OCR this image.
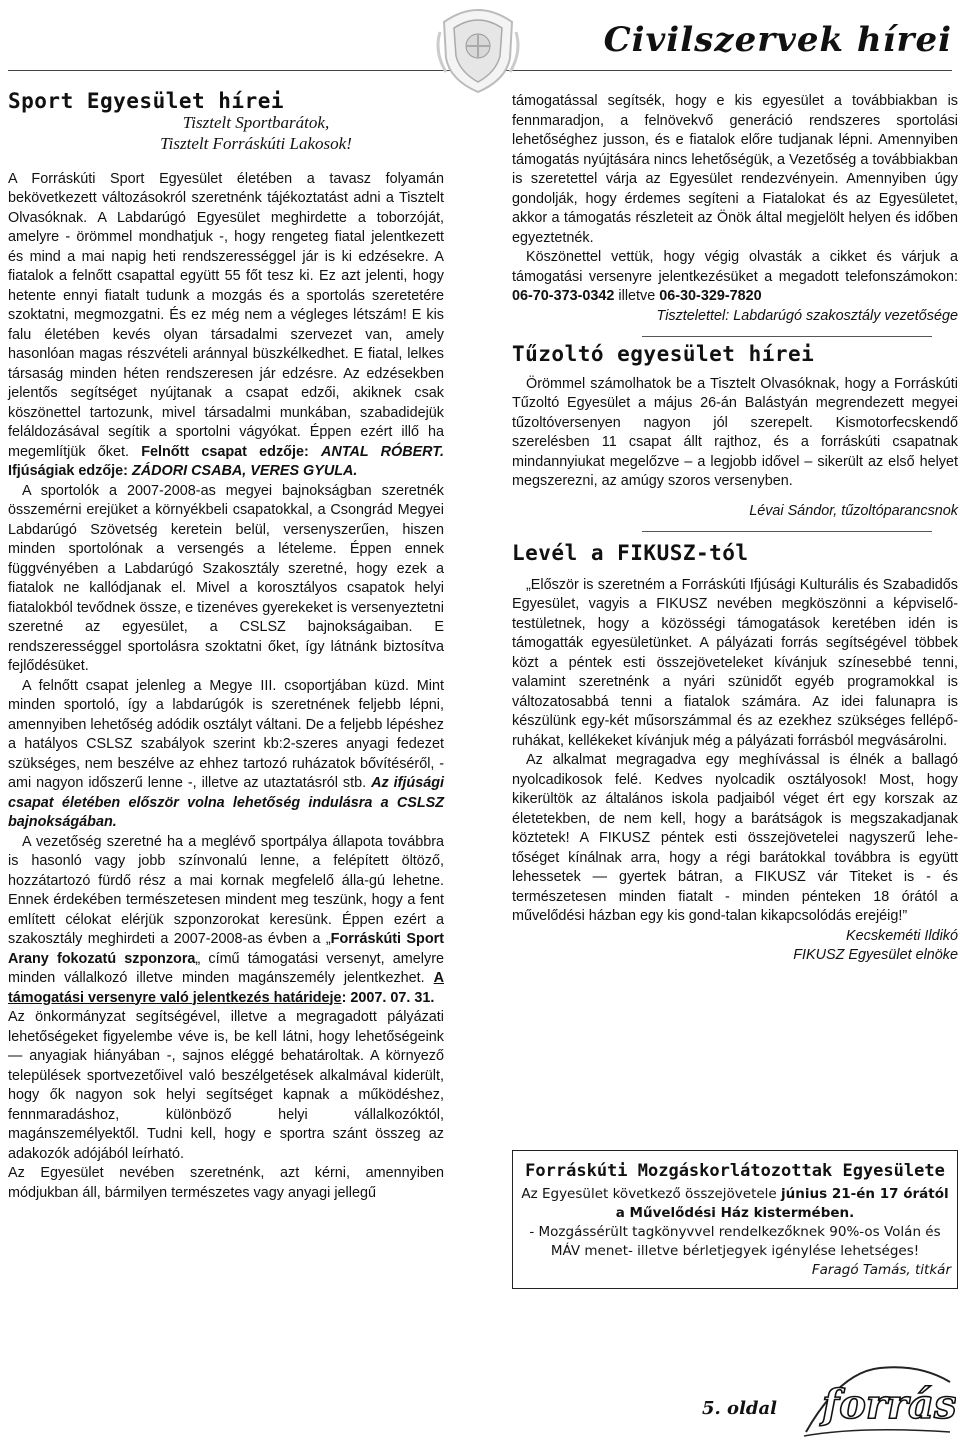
Civilszervek hírei
Sport Egyesület hírei
Tisztelt Sportbarátok,
Tisztelt Forráskúti Lakosok!

A Forráskúti Sport Egyesület életében a tavasz folyamán bekövetkezett változásokról szeretnénk tájékoztatást adni a Tisztelt Olvasóknak. A Labdarúgó Egyesület meghirdette a toborzóját, amelyre - örömmel mondhatjuk -, hogy rengeteg fiatal jelentkezett és mind a mai napig heti rendszerességgel jár is ki edzésekre. A fiatalok a felnőtt csapattal együtt 55 főt tesz ki. Ez azt jelenti, hogy hetente ennyi fiatalt tudunk a mozgás és a sportolás szeretetére szoktatni, megmozgatni. És ez még nem a végleges létszám! E kis falu életében kevés olyan társadalmi szervezet van, amely hasonlóan magas részvételi aránnyal büszkélkedhet. E fiatal, lelkes társaság minden héten rendszeresen jár edzésre. Az edzésekben jelentős segítséget nyújtanak a csapat edzői, akiknek csak köszönettel tartozunk, mivel társadalmi munkában, szabadidejük feláldozásával segítik a sportolni vágyókat. Éppen ezért illő ha megemlítjük őket. Felnőtt csapat edzője: ANTAL RÓBERT. Ifjúságiak edzője: ZÁDORI CSABA, VERES GYULA.

A sportolók a 2007-2008-as megyei bajnokságban szeretnék összemérni erejüket a környékbeli csapatokkal, a Csongrád Megyei Labdarúgó Szövetség keretein belül, versenyszerűen, hiszen minden sportolónak a versengés a lételeme. Éppen ennek függvényében a Labdarúgó Szakosztály szeretné, hogy ezek a fiatalok ne kallódjanak el. Mivel a korosztályos csapatok helyi fiatalokból tevődnek össze, e tizenéves gyerekeket is versenyeztetni szeretné az egyesület, a CSLSZ bajnokságaiban. E rendszerességgel sportolásra szoktatni őket, így látnánk biztosítva fejlődésüket.

A felnőtt csapat jelenleg a Megye III. csoportjában küzd. Mint minden sportoló, így a labdarúgók is szeretnének feljebb lépni, amennyiben lehetőség adódik osztályt váltani. De a feljebb lépéshez a hatályos CSLSZ szabályok szerint kb:2-szeres anyagi fedezet szükséges, nem beszélve az ehhez tartozó ruházatok bővítéséről, - ami nagyon időszerű lenne -, illetve az utaztatásról stb. Az ifjúsági csapat életében először volna lehetőség indulásra a CSLSZ bajnokságában.

A vezetőség szeretné ha a meglévő sportpálya állapota továbbra is hasonló vagy jobb színvonalú lenne, a felépített öltöző, hozzátartozó fürdő rész a mai kornak megfelelő álla-gú lehetne. Ennek érdekében természetesen mindent meg teszünk, hogy a fent említett célokat elérjük szponzorokat keresünk. Éppen ezért a szakosztály meghirdeti a 2007-2008-as évben a „Forráskúti Sport Arany fokozatú szponzora„ című támogatási versenyt, amelyre minden vállalkozó illetve minden magánszemély jelentkezhet. A támogatási versenyre való jelentkezés határideje: 2007. 07. 31.

Az önkormányzat segítségével, illetve a megragadott pályázati lehetőségeket figyelembe véve is, be kell látni, hogy lehetőségeink — anyagiak hiányában -, sajnos eléggé behatároltak. A környező települések sportvezetőivel való beszélgetések alkalmával kiderült, hogy ők nagyon sok helyi segítséget kapnak a működéshez, fennmaradáshoz, különböző helyi vállalkozóktól, magánszemélyektől. Tudni kell, hogy e sportra szánt összeg az adakozók adójából leírható.

Az Egyesület nevében szeretnénk, azt kérni, amennyiben módjukban áll, bármilyen természetes vagy anyagi jellegű

támogatással segítsék, hogy e kis egyesület a továbbiakban is fennmaradjon, a felnövekvő generáció rendszeres sportolási lehetőséghez jusson, és e fiatalok előre tudjanak lépni. Amennyiben támogatás nyújtására nincs lehetőségük, a Vezetőség a továbbiakban is szeretettel várja az Egyesület rendezvényein. Amennyiben úgy gondolják, hogy érdemes segíteni a Fiatalokat és az Egyesületet, akkor a támogatás részleteit az Önök által megjelölt helyen és időben egyeztetnék.

Köszönettel vettük, hogy végig olvasták a cikket és várjuk a támogatási versenyre jelentkezésüket a megadott telefonszámokon: 06-70-373-0342 illetve 06-30-329-7820

Tisztelettel: Labdarúgó szakosztály vezetősége

Tűzoltó egyesület hírei

Örömmel számolhatok be a Tisztelt Olvasóknak, hogy a Forráskúti Tűzoltó Egyesület a május 26-án Balástyán megrendezett megyei tűzoltóversenyen nagyon jól szerepelt. Kismotorfecskendő szerelésben 11 csapat állt rajthoz, és a forráskúti csapatnak mindannyiukat megelőzve – a legjobb idővel – sikerült az első helyet megszerezni, az amúgy szoros versenyben.

Lévai Sándor, tűzoltóparancsnok

Levél a FIKUSZ-tól

„Először is szeretném a Forráskúti Ifjúsági Kulturális és Szabadidős Egyesület, vagyis a FIKUSZ nevében megköszönni a képviselő-testületnek, hogy a közösségi támogatások keretében idén is támogatták egyesületünket. A pályázati forrás segítségével többek közt a péntek esti összejöveteleket kívánjuk színesebbé tenni, valamint szeretnénk a nyári szünidőt egyéb programokkal is változatosabbá tenni a fiatalok számára. Az idei falunapra is készülünk egy-két műsorszámmal és az ezekhez szükséges fellépő-ruhákat, kellékeket kívánjuk még a pályázati forrásból megvásárolni.

Az alkalmat megragadva egy meghívással is élnék a ballagó nyolcadikosok felé. Kedves nyolcadik osztályosok! Most, hogy kikerültök az általános iskola padjaiból véget ért egy korszak az életetekben, de nem kell, hogy a barátságok is megszakadjanak köztetek! A FIKUSZ péntek esti összejövetelei nagyszerű lehe-tőséget kínálnak arra, hogy a régi barátokkal továbbra is együtt lehessetek — gyertek bátran, a FIKUSZ vár Titeket is - és természetesen minden fiatalt - minden pénteken 18 órától a művelődési házban egy kis gond-talan kikapcsolódás erejéig!”

Kecskeméti Ildikó

FIKUSZ Egyesület elnöke

Forráskúti Mozgáskorlátozottak Egyesülete

Az Egyesület következő összejövetele június 21-én 17 órától a Művelődési Ház kistermében.

- Mozgássérült tagkönyvvel rendelkezőknek 90%-os Volán és MÁV menet- illetve bérletjegyek igénylése lehetséges!

Faragó Tamás, titkár

5. oldal forrás
